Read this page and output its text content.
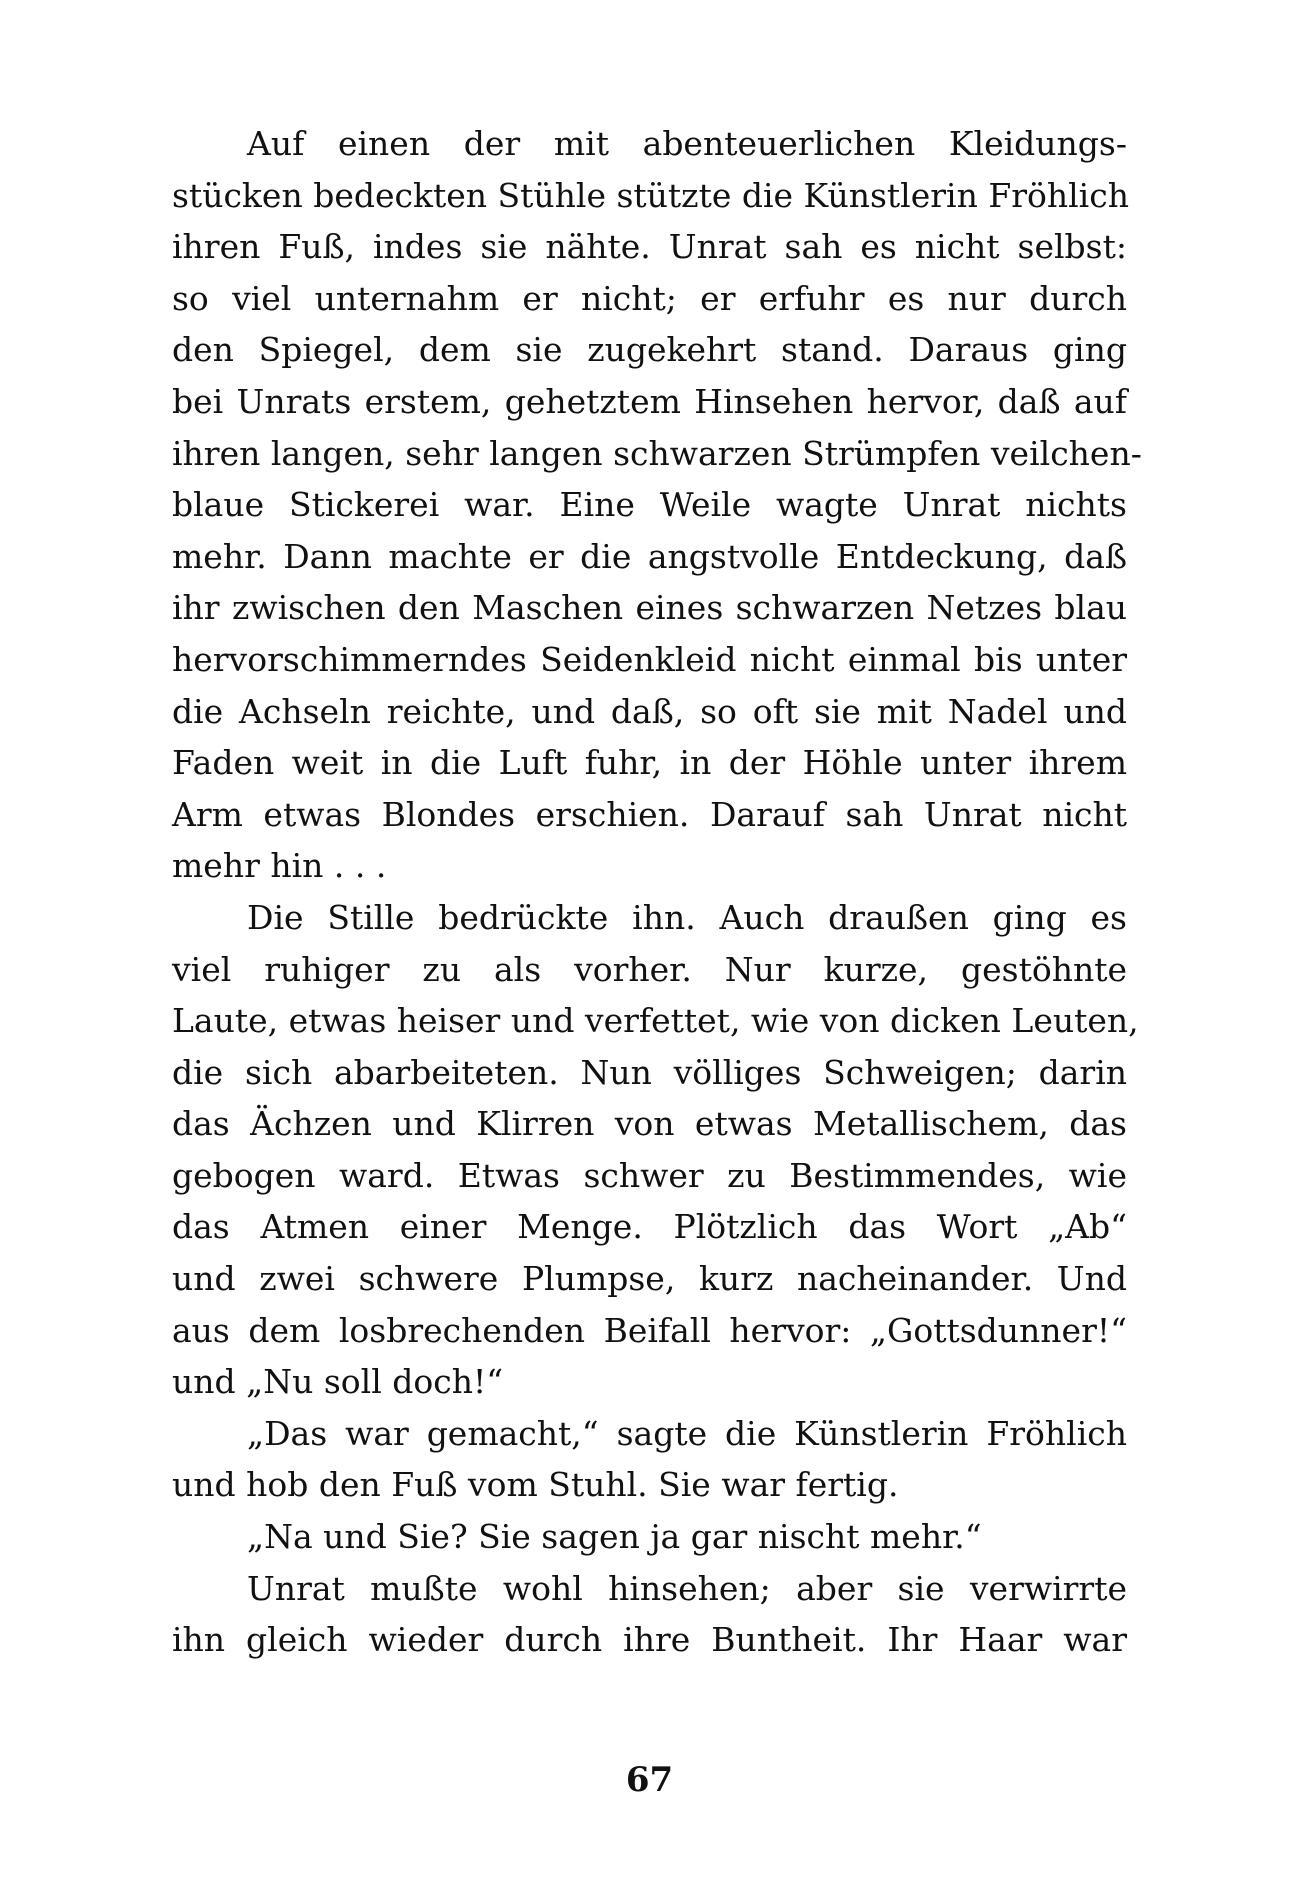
Auf einen der mit abenteuerlichen Kleidungs-
stücken bedeckten Stühle stützte die Künstlerin Fröhlich
ihren Fuß, indes sie nähte. Unrat sah es nicht selbst:
so viel unternahm er nicht; er erfuhr es nur durch
den Spiegel, dem sie zugekehrt stand. Daraus ging
bei Unrats erstem, gehetztem Hinsehen hervor, daß auf
ihren langen, sehr langen schwarzen Strümpfen veilchen-
blaue Stickerei war. Eine Weile wagte Unrat nichts
mehr. Dann machte er die angstvolle Entdeckung, daß
ihr zwischen den Maschen eines schwarzen Netzes blau
hervorschimmerndes Seidenkleid nicht einmal bis unter
die Achseln reichte, und daß, so oft sie mit Nadel und
Faden weit in die Luft fuhr, in der Höhle unter ihrem
Arm etwas Blondes erschien. Darauf sah Unrat nicht
mehr hin . . .
Die Stille bedrückte ihn. Auch draußen ging es
viel ruhiger zu als vorher. Nur kurze, gestöhnte
Laute, etwas heiser und verfettet, wie von dicken Leuten,
die sich abarbeiteten. Nun völliges Schweigen; darin
das Ächzen und Klirren von etwas Metallischem, das
gebogen ward. Etwas schwer zu Bestimmendes, wie
das Atmen einer Menge. Plötzlich das Wort „Ab“
und zwei schwere Plumpse, kurz nacheinander. Und
aus dem losbrechenden Beifall hervor: „Gottsdunner!“
und „Nu soll doch!“
„Das war gemacht,“ sagte die Künstlerin Fröhlich
und hob den Fuß vom Stuhl. Sie war fertig.
„Na und Sie? Sie sagen ja gar nischt mehr.“
Unrat mußte wohl hinsehen; aber sie verwirrte
ihn gleich wieder durch ihre Buntheit. Ihr Haar war
67
